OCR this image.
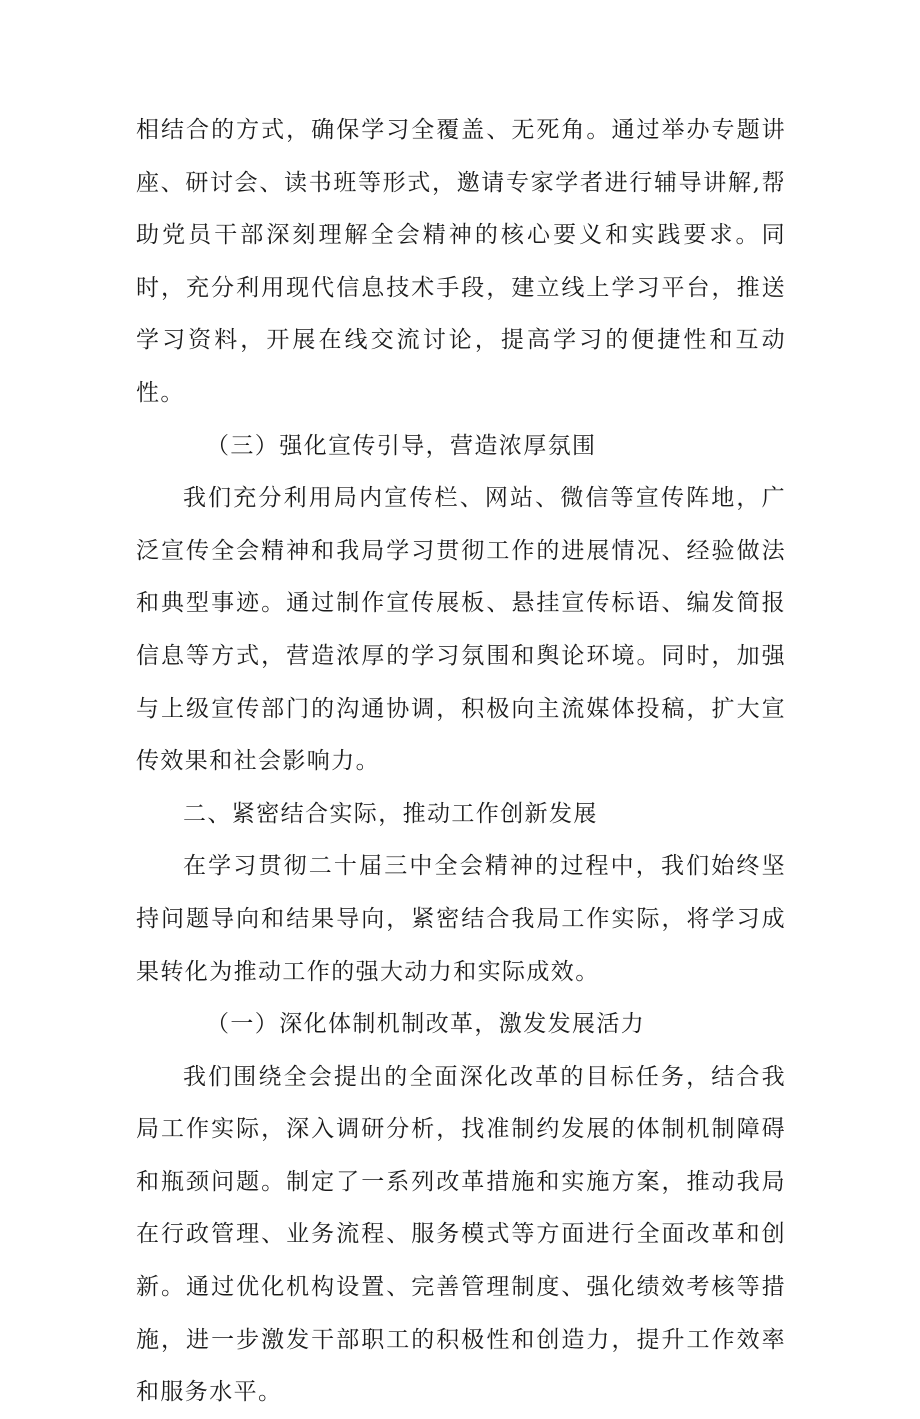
相结合的方式，确保学习全覆盖、无死角。通过举办专题讲座、研讨会、读书班等形式，邀请专家学者进行辅导讲解,帮助党员干部深刻理解全会精神的核心要义和实践要求。同时，充分利用现代信息技术手段，建立线上学习平台，推送学习资料，开展在线交流讨论，提高学习的便捷性和互动性。

（三）强化宣传引导，营造浓厚氛围

我们充分利用局内宣传栏、网站、微信等宣传阵地，广泛宣传全会精神和我局学习贯彻工作的进展情况、经验做法和典型事迹。通过制作宣传展板、悬挂宣传标语、编发简报信息等方式，营造浓厚的学习氛围和舆论环境。同时，加强与上级宣传部门的沟通协调，积极向主流媒体投稿，扩大宣传效果和社会影响力。

二、紧密结合实际，推动工作创新发展

在学习贯彻二十届三中全会精神的过程中，我们始终坚持问题导向和结果导向，紧密结合我局工作实际，将学习成果转化为推动工作的强大动力和实际成效。

（一）深化体制机制改革，激发发展活力

我们围绕全会提出的全面深化改革的目标任务，结合我局工作实际，深入调研分析，找准制约发展的体制机制障碍和瓶颈问题。制定了一系列改革措施和实施方案，推动我局在行政管理、业务流程、服务模式等方面进行全面改革和创新。通过优化机构设置、完善管理制度、强化绩效考核等措施，进一步激发干部职工的积极性和创造力，提升工作效率和服务水平。
